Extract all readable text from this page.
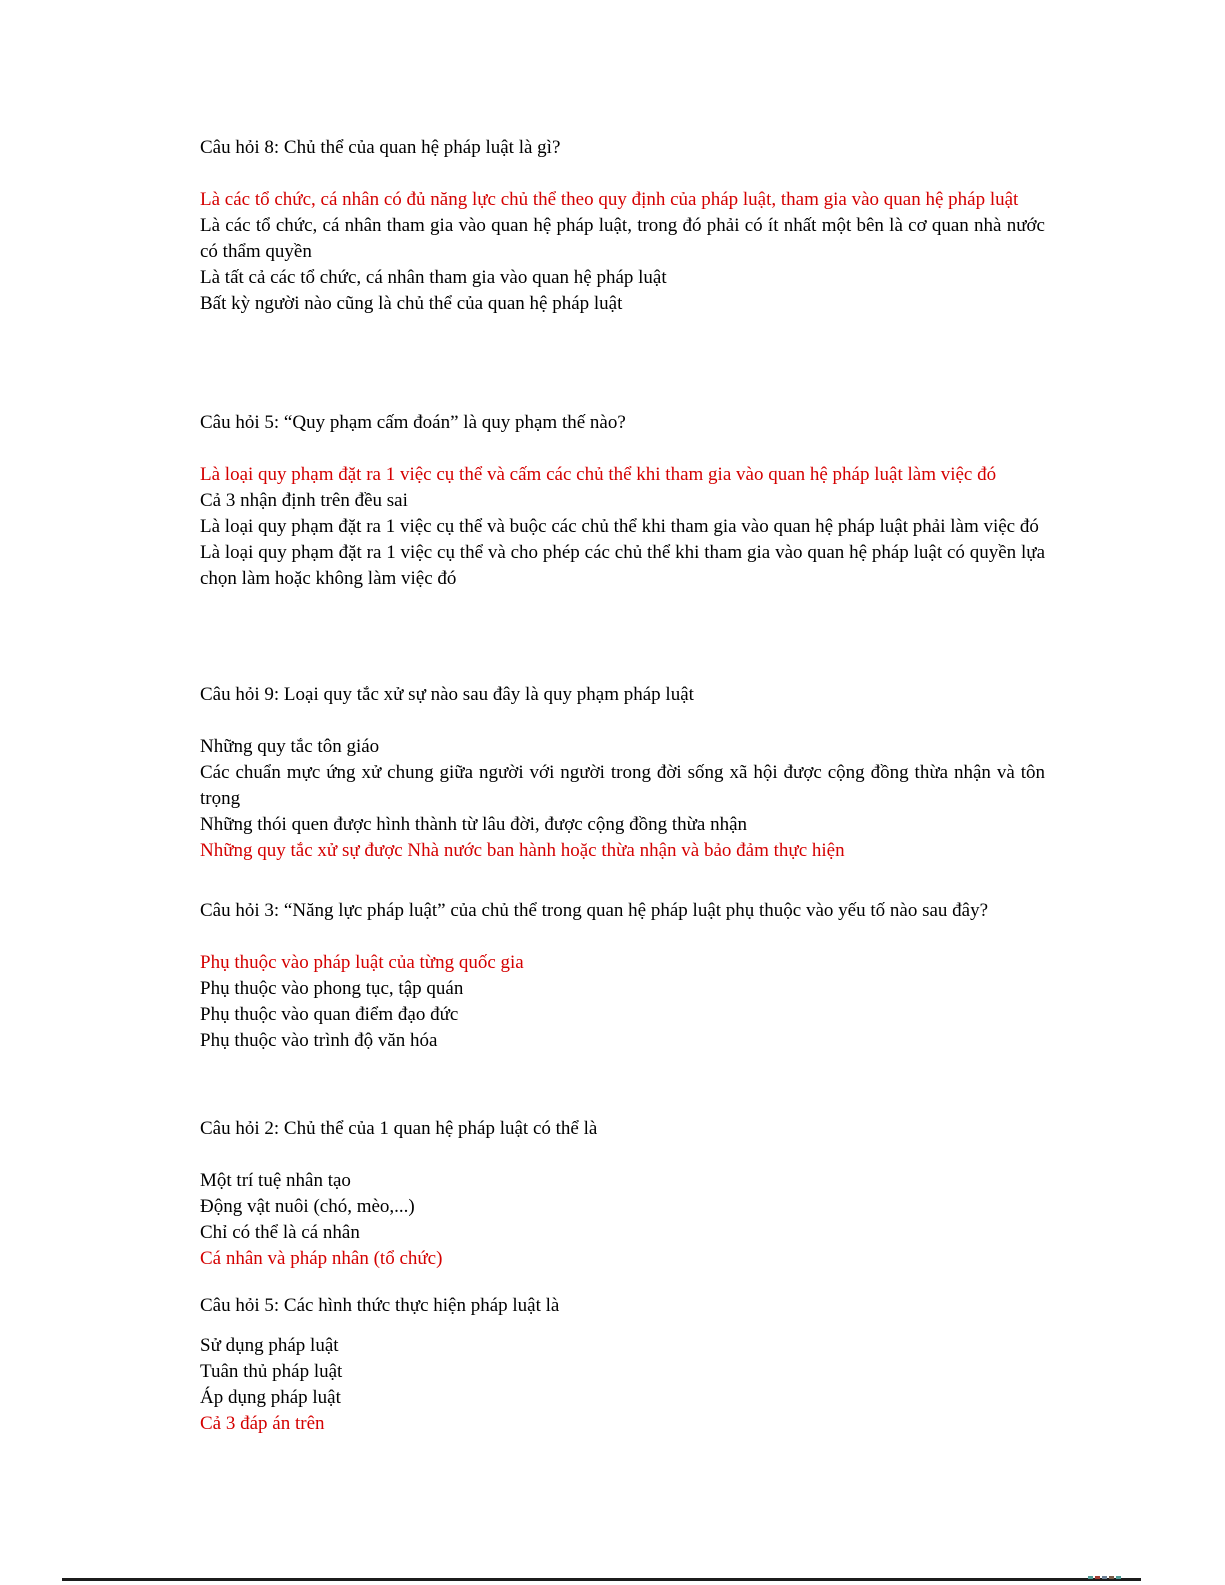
Câu hỏi 8: Chủ thể của quan hệ pháp luật là gì?

Là các tổ chức, cá nhân có đủ năng lực chủ thể theo quy định của pháp luật, tham gia vào quan hệ pháp luật

Là các tổ chức, cá nhân tham gia vào quan hệ pháp luật, trong đó phải có ít nhất một bên là cơ quan nhà nước có thẩm quyền

Là tất cả các tổ chức, cá nhân tham gia vào quan hệ pháp luật

Bất kỳ người nào cũng là chủ thể của quan hệ pháp luật

Câu hỏi 5: “Quy phạm cấm đoán” là quy phạm thế nào?

Là loại quy phạm đặt ra 1 việc cụ thể và cấm các chủ thể khi tham gia vào quan hệ pháp luật làm việc đó

Cả 3 nhận định trên đều sai

Là loại quy phạm đặt ra 1 việc cụ thể và buộc các chủ thể khi tham gia vào quan hệ pháp luật phải làm việc đó

Là loại quy phạm đặt ra 1 việc cụ thể và cho phép các chủ thể khi tham gia vào quan hệ pháp luật có quyền lựa chọn làm hoặc không làm việc đó

Câu hỏi 9: Loại quy tắc xử sự nào sau đây là quy phạm pháp luật

Những quy tắc tôn giáo

Các chuẩn mực ứng xử chung giữa người với người trong đời sống xã hội được cộng đồng thừa nhận và tôn trọng

Những thói quen được hình thành từ lâu đời, được cộng đồng thừa nhận

Những quy tắc xử sự được Nhà nước ban hành hoặc thừa nhận và bảo đảm thực hiện

Câu hỏi 3: “Năng lực pháp luật” của chủ thể trong quan hệ pháp luật phụ thuộc vào yếu tố nào sau đây?

Phụ thuộc vào pháp luật của từng quốc gia

Phụ thuộc vào phong tục, tập quán

Phụ thuộc vào quan điểm đạo đức

Phụ thuộc vào trình độ văn hóa

Câu hỏi 2: Chủ thể của 1 quan hệ pháp luật có thể là

Một trí tuệ nhân tạo

Động vật nuôi (chó, mèo,...)

Chỉ có thể là cá nhân

Cá nhân và pháp nhân (tổ chức)

Câu hỏi 5: Các hình thức thực hiện pháp luật là

Sử dụng pháp luật

Tuân thủ pháp luật

Áp dụng pháp luật

Cả 3 đáp án trên
